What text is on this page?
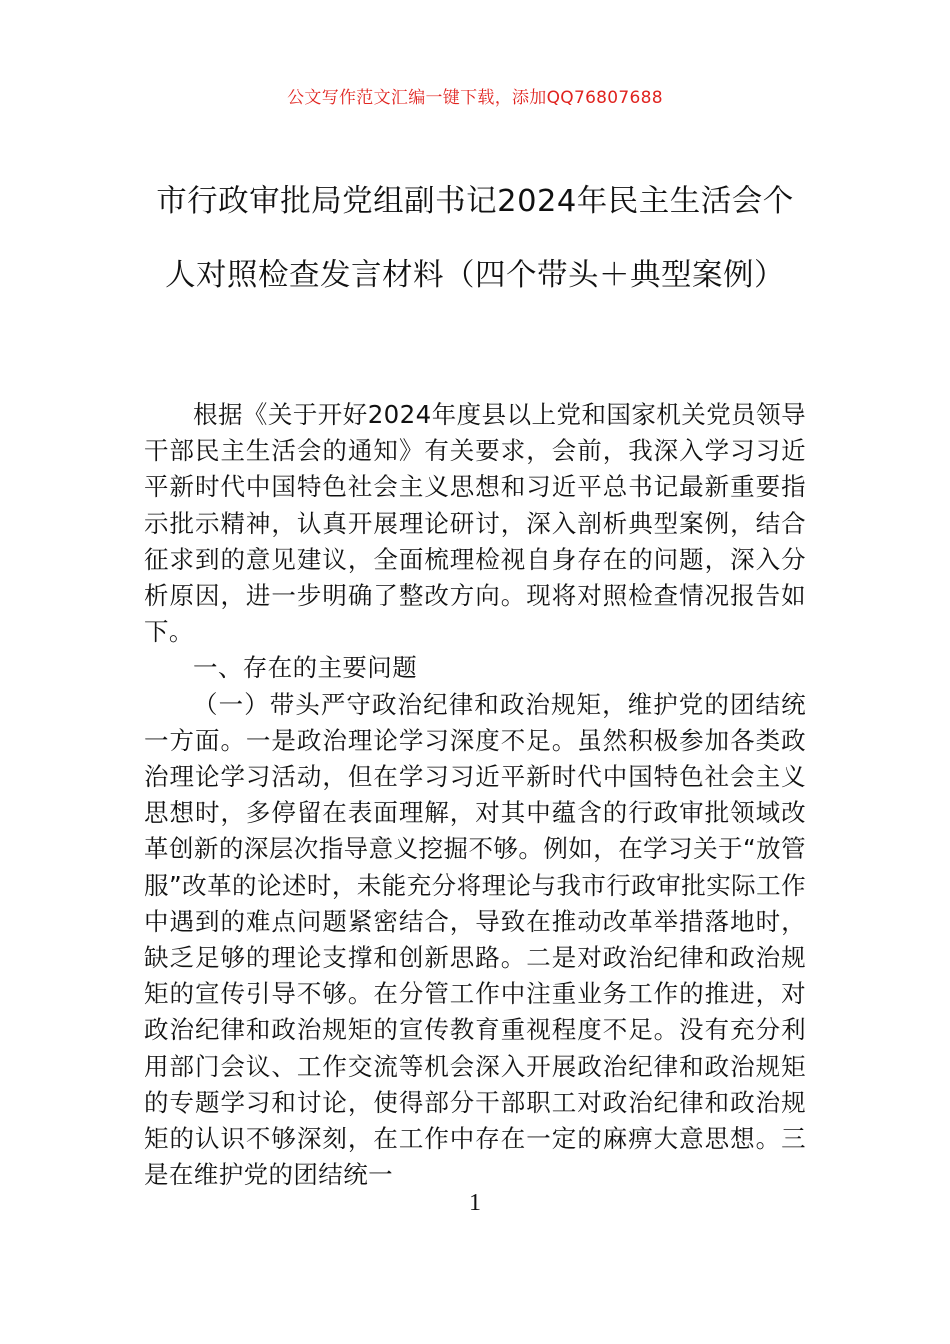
公文写作范文汇编一键下载，添加QQ76807688
市行政审批局党组副书记2024年民主生活会个人对照检查发言材料（四个带头＋典型案例）

根据《关于开好2024年度县以上党和国家机关党员领导干部民主生活会的通知》有关要求，会前，我深入学习习近平新时代中国特色社会主义思想和习近平总书记最新重要指示批示精神，认真开展理论研讨，深入剖析典型案例，结合征求到的意见建议，全面梳理检视自身存在的问题，深入分析原因，进一步明确了整改方向。现将对照检查情况报告如下。

一、存在的主要问题

（一）带头严守政治纪律和政治规矩，维护党的团结统一方面。一是政治理论学习深度不足。虽然积极参加各类政治理论学习活动，但在学习习近平新时代中国特色社会主义思想时，多停留在表面理解，对其中蕴含的行政审批领域改革创新的深层次指导意义挖掘不够。例如，在学习关于“放管服”改革的论述时，未能充分将理论与我市行政审批实际工作中遇到的难点问题紧密结合，导致在推动改革举措落地时，缺乏足够的理论支撑和创新思路。二是对政治纪律和政治规矩的宣传引导不够。在分管工作中注重业务工作的推进，对政治纪律和政治规矩的宣传教育重视程度不足。没有充分利用部门会议、工作交流等机会深入开展政治纪律和政治规矩的专题学习和讨论，使得部分干部职工对政治纪律和政治规矩的认识不够深刻，在工作中存在一定的麻痹大意思想。三是在维护党的团结统一

1
